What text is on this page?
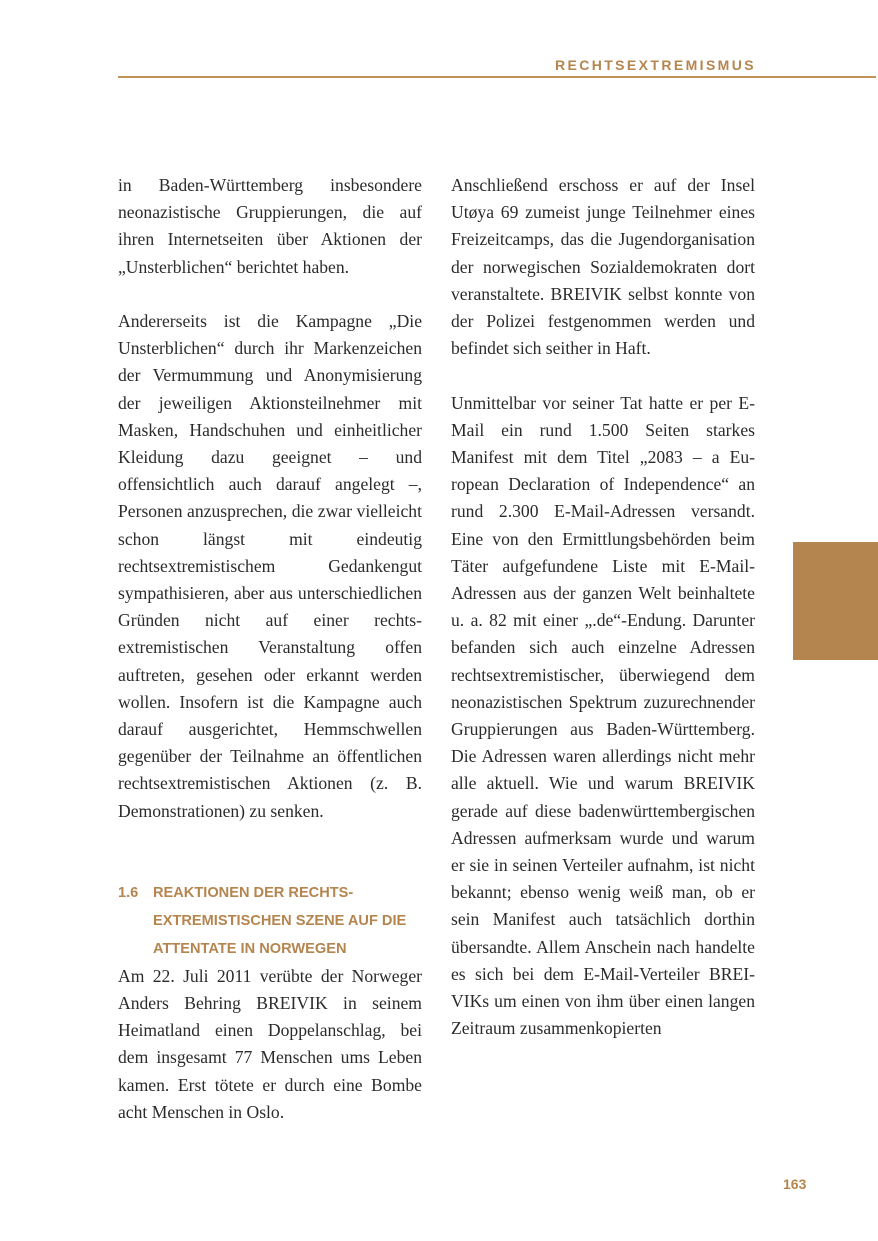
RECHTSEXTREMISMUS

in Baden-Württemberg insbesondere neonazistische Gruppierungen, die auf ihren Internetseiten über Aktionen der „Unsterblichen“ berichtet haben.

Andererseits ist die Kampagne „Die Unsterblichen“ durch ihr Markenzeichen der Vermummung und Anonymisierung der jeweiligen Aktionsteilnehmer mit Masken, Handschuhen und einheitlicher Kleidung dazu geeignet – und offensichtlich auch darauf angelegt –, Personen anzusprechen, die zwar vielleicht schon längst mit eindeutig rechtsextremistischem Gedankengut sympathisieren, aber aus unterschiedlichen Gründen nicht auf einer rechtsextremistischen Veranstaltung offen auftreten, gesehen oder erkannt werden wollen. Insofern ist die Kampagne auch darauf ausgerichtet, Hemmschwellen gegenüber der Teilnahme an öffentlichen rechtsextremistischen Aktionen (z. B. Demonstrationen) zu senken.

1.6	REAKTIONEN DER RECHTSEXTREMISTISCHEN SZENE AUF DIE ATTENTATE IN NORWEGEN

Am 22. Juli 2011 verübte der Norweger Anders Behring BREIVIK in seinem Heimatland einen Doppelanschlag, bei dem insgesamt 77 Menschen ums Leben kamen. Erst tötete er durch eine Bombe acht Menschen in Oslo.

Anschließend erschoss er auf der Insel Utøya 69 zumeist junge Teilnehmer eines Freizeitcamps, das die Jugendorganisation der norwegischen Sozialdemokraten dort veranstaltete. BREIVIK selbst konnte von der Polizei festgenommen werden und befindet sich seither in Haft.

Unmittelbar vor seiner Tat hatte er per E-Mail ein rund 1.500 Seiten starkes Manifest mit dem Titel „2083 – a European Declaration of Independence“ an rund 2.300 E-Mail-Adressen versandt. Eine von den Ermittlungsbehörden beim Täter aufgefundene Liste mit E-Mail-Adressen aus der ganzen Welt beinhaltete u. a. 82 mit einer „.de“-Endung. Darunter befanden sich auch einzelne Adressen rechtsextremistischer, überwiegend dem neonazistischen Spektrum zuzurechnender Gruppierungen aus Baden-Württemberg. Die Adressen waren allerdings nicht mehr alle aktuell. Wie und warum BREIVIK gerade auf diese badenwürttembergischen Adressen aufmerksam wurde und warum er sie in seinen Verteiler aufnahm, ist nicht bekannt; ebenso wenig weiß man, ob er sein Manifest auch tatsächlich dorthin übersandte. Allem Anschein nach handelte es sich bei dem E-Mail-Verteiler BREIVIKs um einen von ihm über einen langen Zeitraum zusammenkopierten

163
